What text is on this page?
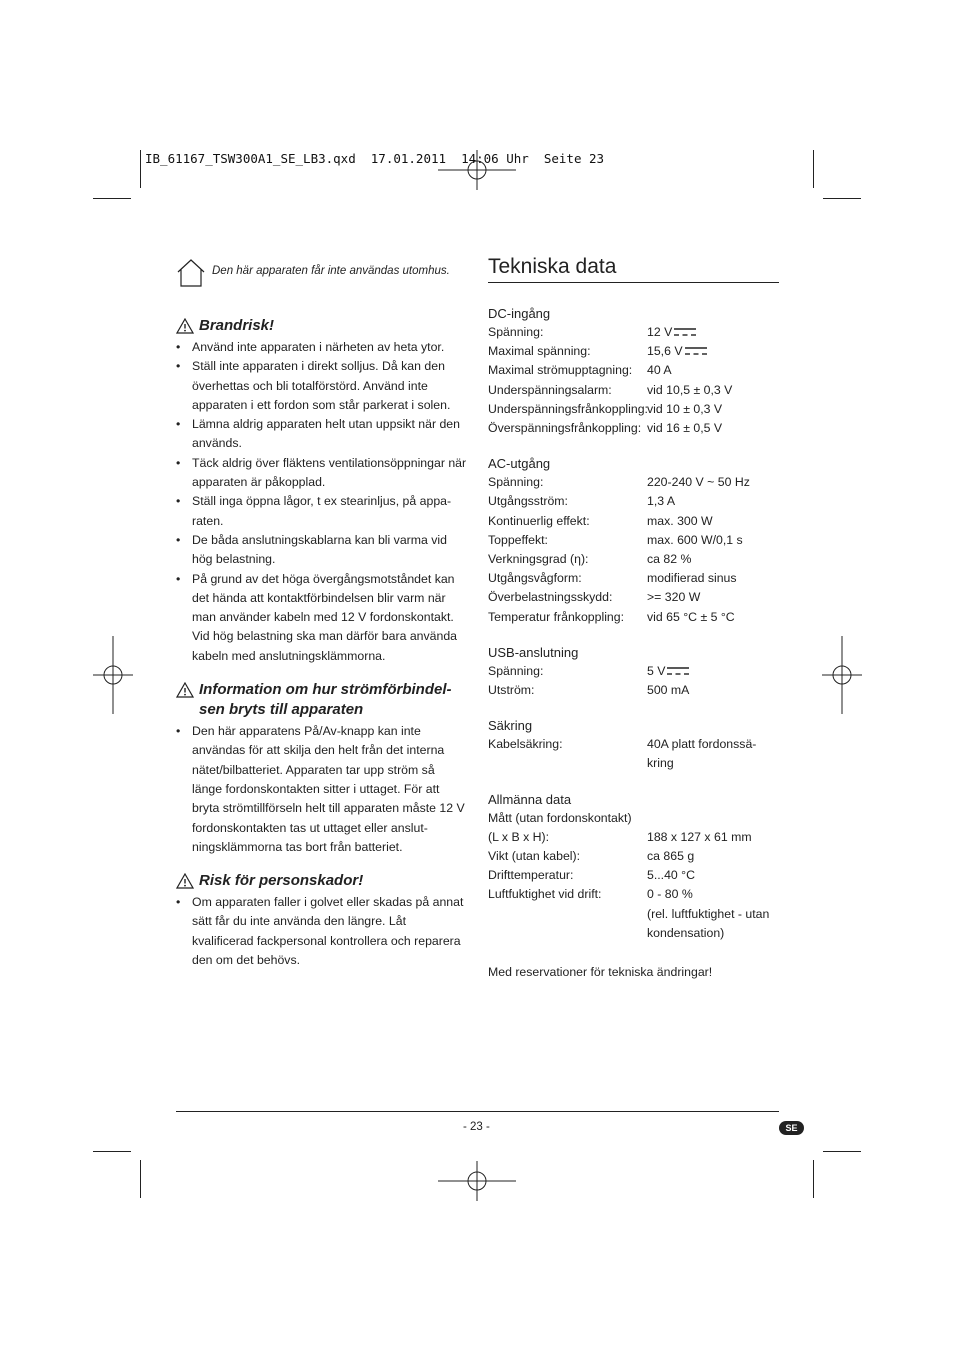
IB_61167_TSW300A1_SE_LB3.qxd  17.01.2011  14:06 Uhr  Seite 23
Den här apparaten får inte användas utomhus.
Brandrisk!
• Använd inte apparaten i närheten av heta ytor.
• Ställ inte apparaten i direkt solljus. Då kan den överhettas och bli totalförstörd. Använd inte apparaten i ett fordon som står parkerat i solen.
• Lämna aldrig apparaten helt utan uppsikt när den används.
• Täck aldrig över fläktens ventilationsöppningar när apparaten är påkopplad.
• Ställ inga öppna lågor, t ex stearinljus, på appa-raten.
• De båda anslutningskablarna kan bli varma vid hög belastning.
• På grund av det höga övergångsmotståndet kan det hända att kontaktförbindelsen blir varm när man använder kabeln med 12 V fordonskontakt. Vid hög belastning ska man därför bara använda kabeln med anslutningsklämmorna.
Information om hur strömförbindel-sen bryts till apparaten
• Den här apparatens På/Av-knapp kan inte användas för att skilja den helt från det interna nätet/bilbatteriet. Apparaten tar upp ström så länge fordonskontakten sitter i uttaget. För att bryta strömtillförseln helt till apparaten måste 12 V fordonskontakten tas ut uttaget eller anslut-ningsklämmorna tas bort från batteriet.
Risk för personskador!
• Om apparaten faller i golvet eller skadas på annat sätt får du inte använda den längre. Låt kvalificerad fackpersonal kontrollera och reparera den om det behövs.
Tekniska data
DC-ingång
Spänning:	12 V
Maximal spänning:	15,6 V
Maximal strömupptagning:	40 A
Underspänningsalarm:	vid 10,5 ± 0,3 V
Underspänningsfrånkoppling: vid 10 ± 0,3 V
Överspänningsfrånkoppling: vid 16 ± 0,5 V
AC-utgång
Spänning:	220-240 V ~ 50 Hz
Utgångsström:	1,3 A
Kontinuerlig effekt:	max. 300 W
Toppeffekt:	max. 600 W/0,1 s
Verkningsgrad (η):	ca 82 %
Utgångsvågform:	modifierad sinus
Överbelastningsskydd:	>= 320 W
Temperatur frånkoppling:	vid 65 °C ± 5 °C
USB-anslutning
Spänning:	5 V
Utström:	500 mA
Säkring
Kabelsäkring:	40A platt fordonssä-kring
Allmänna data
Mått (utan fordonskontakt)
(L x B x H):	188 x 127 x 61 mm
Vikt (utan kabel):	ca 865 g
Drifttemperatur:	5...40 °C
Luftfuktighet vid drift:	0 - 80 %
(rel. luftfuktighet - utan kondensation)
Med reservationer för tekniska ändringar!
- 23 -	SE
